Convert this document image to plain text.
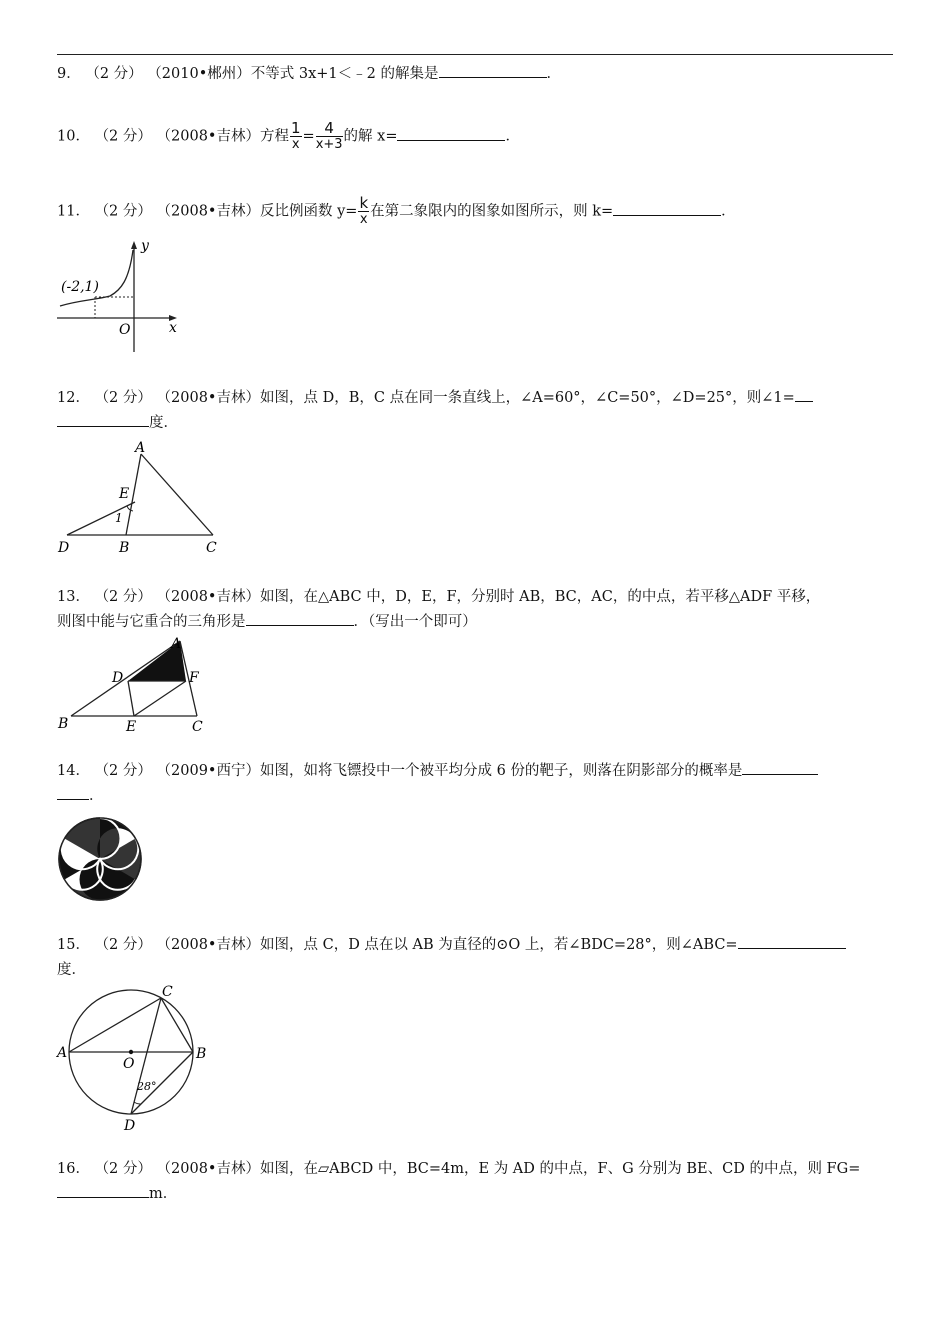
9． （2 分） （2010•郴州）不等式 3x+1＜﹣2 的解集是	．
10． （2 分） （2008•吉林）方程 $\frac{1}{x} = \frac{4}{x+3}$ 的解 x=	．
11． （2 分） （2008•吉林）反比例函数 $y= \frac{k}{x}$ 在第二象限内的图象如图所示，则 k=	．
(-2,1)
O	x
y
12． （2 分） （2008•吉林）如图，点 D，B，C 点在同一条直线上，∠A=60°，∠C=50°，∠D=25°，则∠1=
度．
A
E
1
D	B	C
13． （2 分） （2008•吉林）如图，在△ABC 中，D，E，F，分别时 AB，BC，AC，的中点，若平移△ADF 平移，
则图中能与它重合的三角形是	．（写出一个即可）
A
D	F
B	E	C
14． （2 分） （2009•西宁）如图，如将飞镖投中一个被平均分成 6 份的靶子，则落在阴影部分的概率是
．
15． （2 分） （2008•吉林）如图，点 C，D 点在以 AB 为直径的⊙O 上，若∠BDC=28°，则∠ABC=
度．
C
A	B
O
28°
D
16． （2 分） （2008•吉林）如图，在▱ABCD 中，BC=4m，E 为 AD 的中点，F、G 分别为 BE、CD 的中点，则 FG=
m．
